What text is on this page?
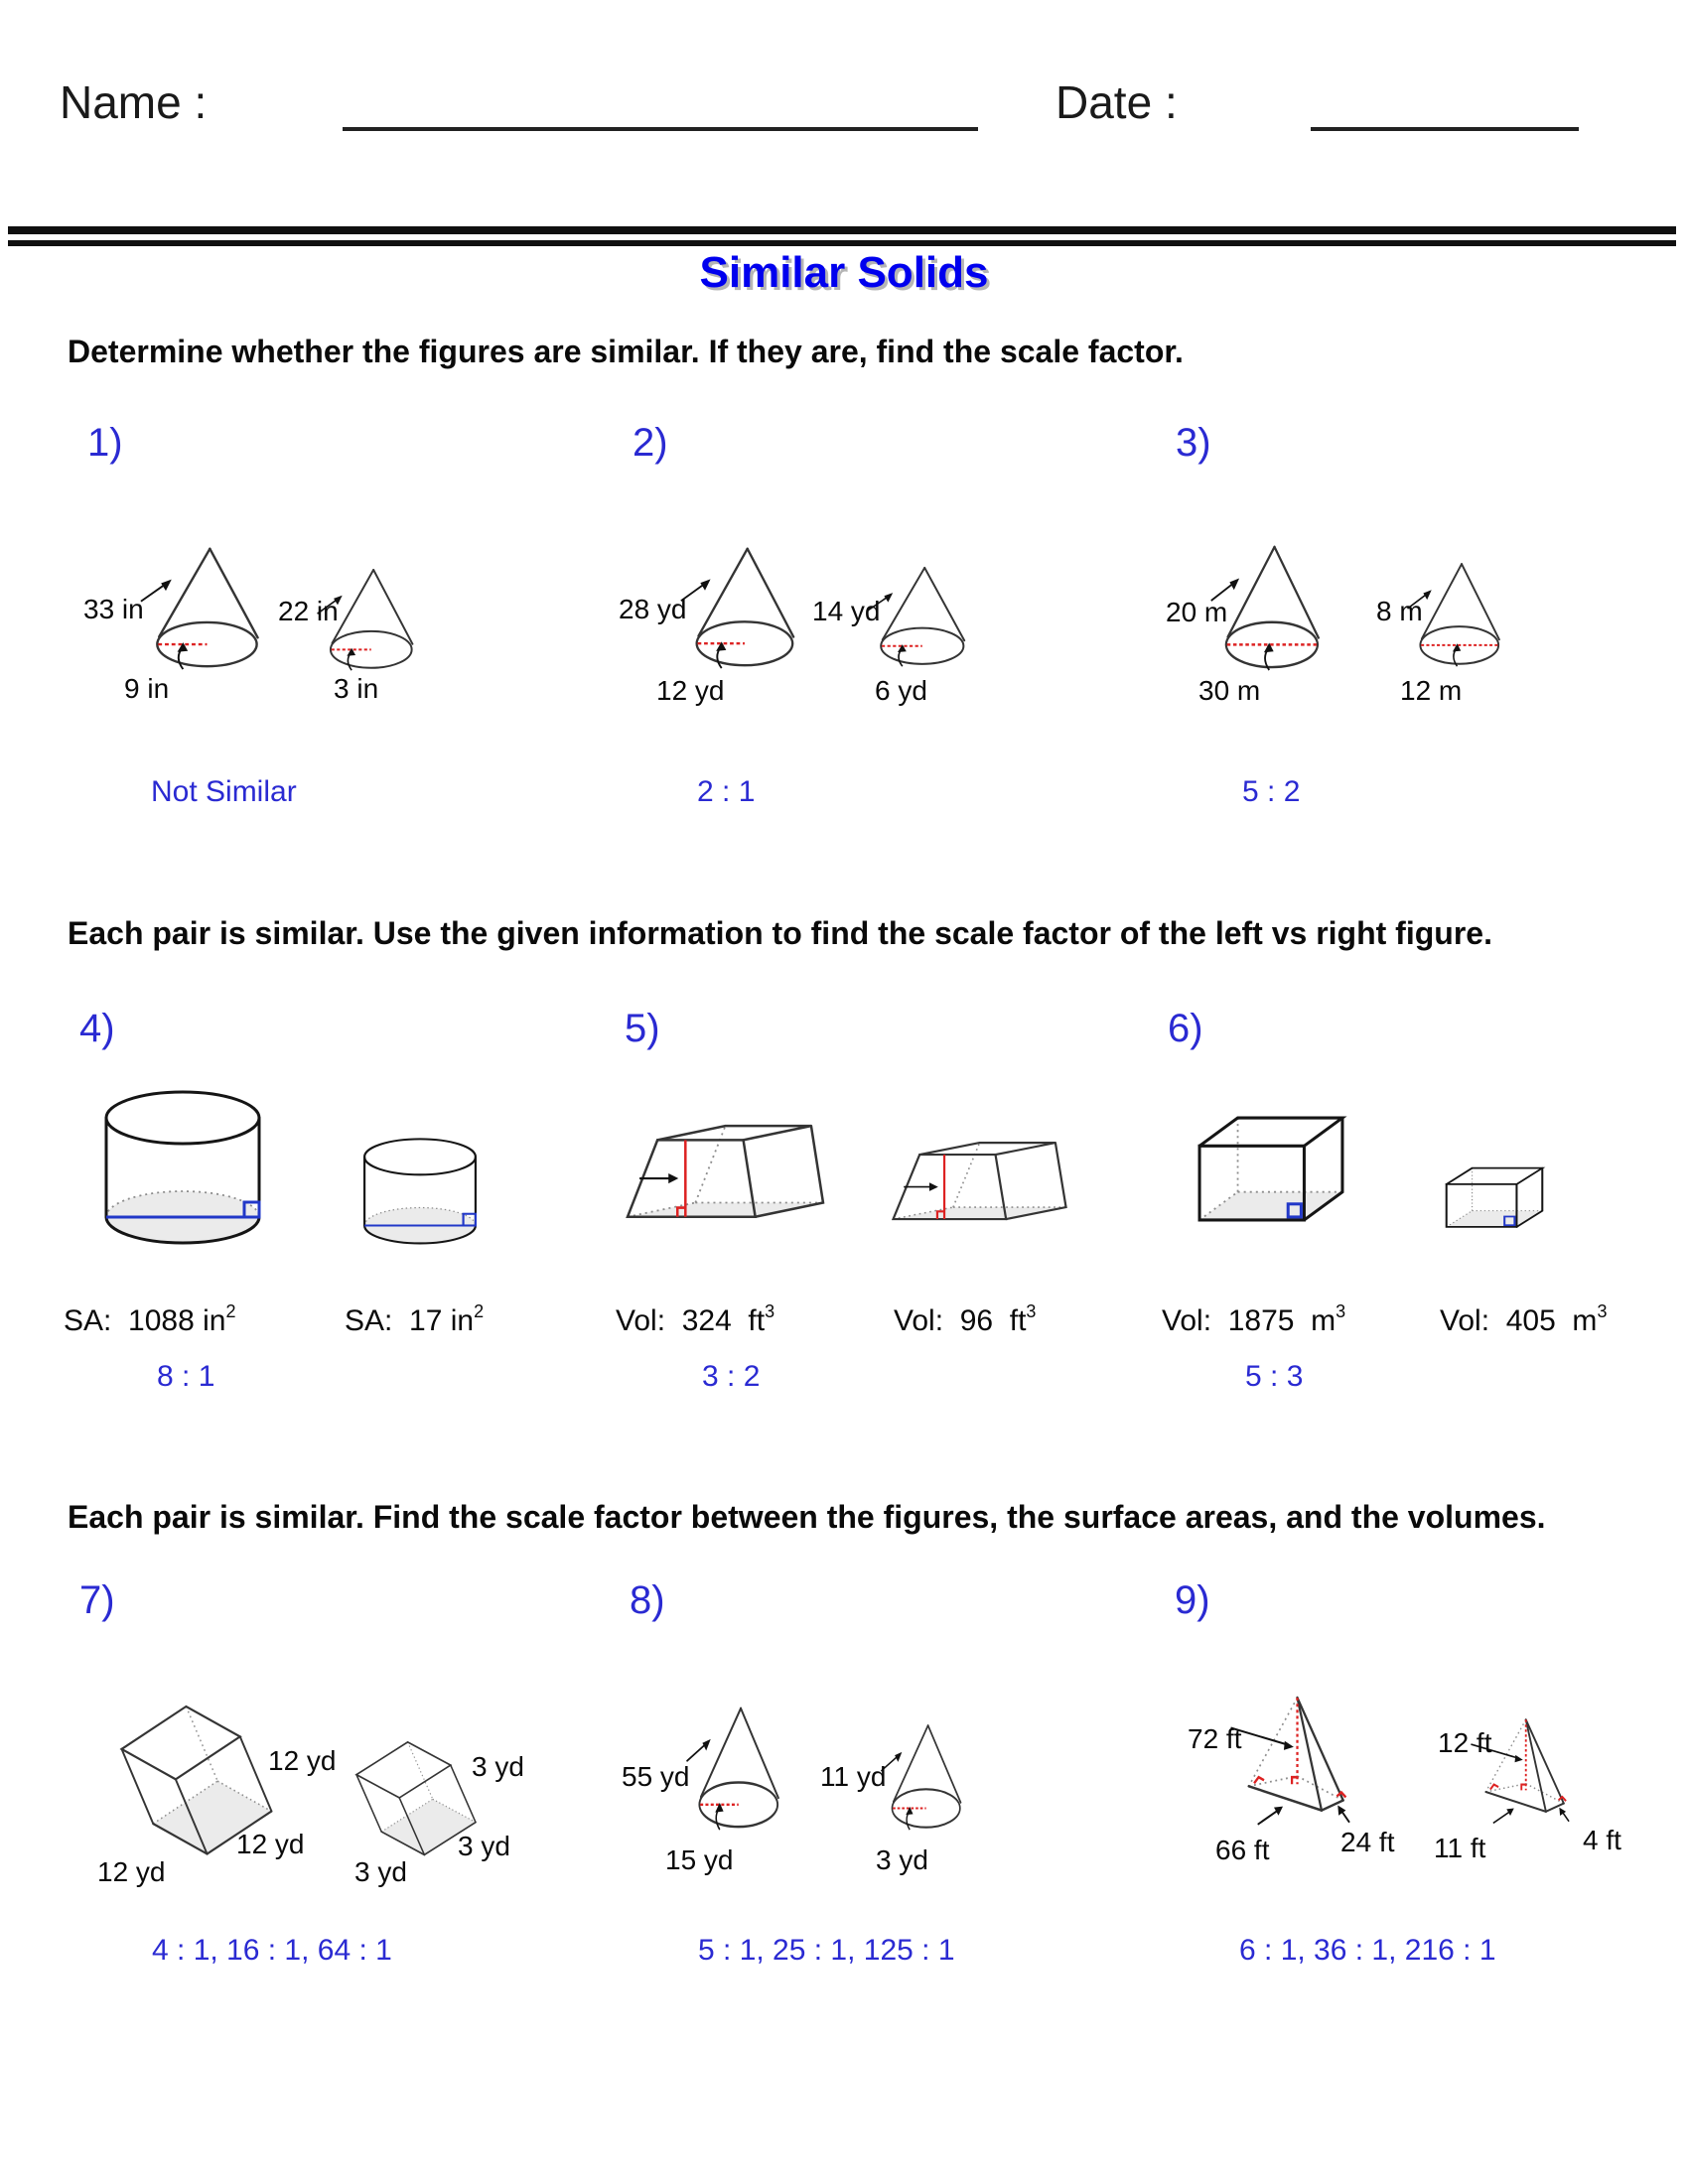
Name :	Date :
Similar Solids
Determine whether the figures are similar. If they are, find the scale factor.
1)	2)	3)
33 in
9 in
22 in
3 in
28 yd
12 yd
14 yd
6 yd
20 m
30 m
8 m
12 m
Not Similar	2 : 1	5 : 2
Each pair is similar. Use the given information to find the scale factor of the left vs right figure.
4)	5)	6)
SA:  1088 $in^2$	SA:  17 $in^2$	Vol:  324  $ft^3$	Vol:  96  $ft^3$	Vol:  1875  $m^3$	Vol:  405  $m^3$
8 : 1	3 : 2	5 : 3
Each pair is similar. Find the scale factor between the figures, the surface areas, and the volumes.
7)	8)	9)
12 yd
12 yd
12 yd
3 yd
3 yd
3 yd
55 yd
15 yd
11 yd
3 yd
72 ft
66 ft	24 ft
12 ft
11 ft	4 ft
4 : 1, 16 : 1, 64 : 1	5 : 1, 25 : 1, 125 : 1	6 : 1, 36 : 1, 216 : 1
